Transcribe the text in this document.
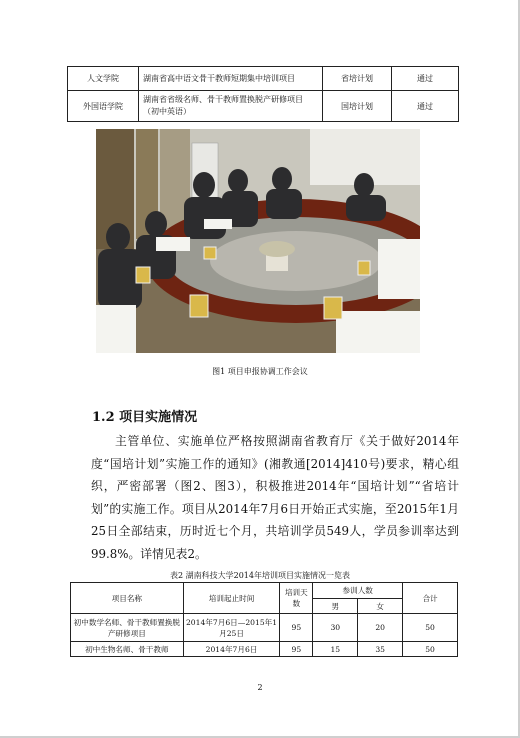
人文学院	湖南省高中语文骨干教师短期集中培训项目	省培计划	通过
外国语学院	湖南省省级名师、骨干教师置换脱产研修项目（初中英语）	国培计划	通过
图1 项目申报协调工作会议
1.2 项目实施情况
主管单位、实施单位严格按照湖南省教育厅《关于做好2014年度“国培计划”实施工作的通知》(湘教通[2014]410号)要求，精心组织，严密部署（图2、图3），积极推进2014年“国培计划”“省培计划”的实施工作。项目从2014年7月6日开始正式实施，至2015年1月25日全部结束，历时近七个月，共培训学员549人，学员参训率达到99.8%。详情见表2。
表2 湖南科技大学2014年培训项目实施情况一览表
项目名称	培训起止时间	培训天数	参训人数		合计
			男	女	
初中数学名师、骨干教师置换脱产研修项目	2014年7月6日—2015年1月25日	95	30	20	50
初中生物名师、骨干教师	2014年7月6日	95	15	35	50
2
